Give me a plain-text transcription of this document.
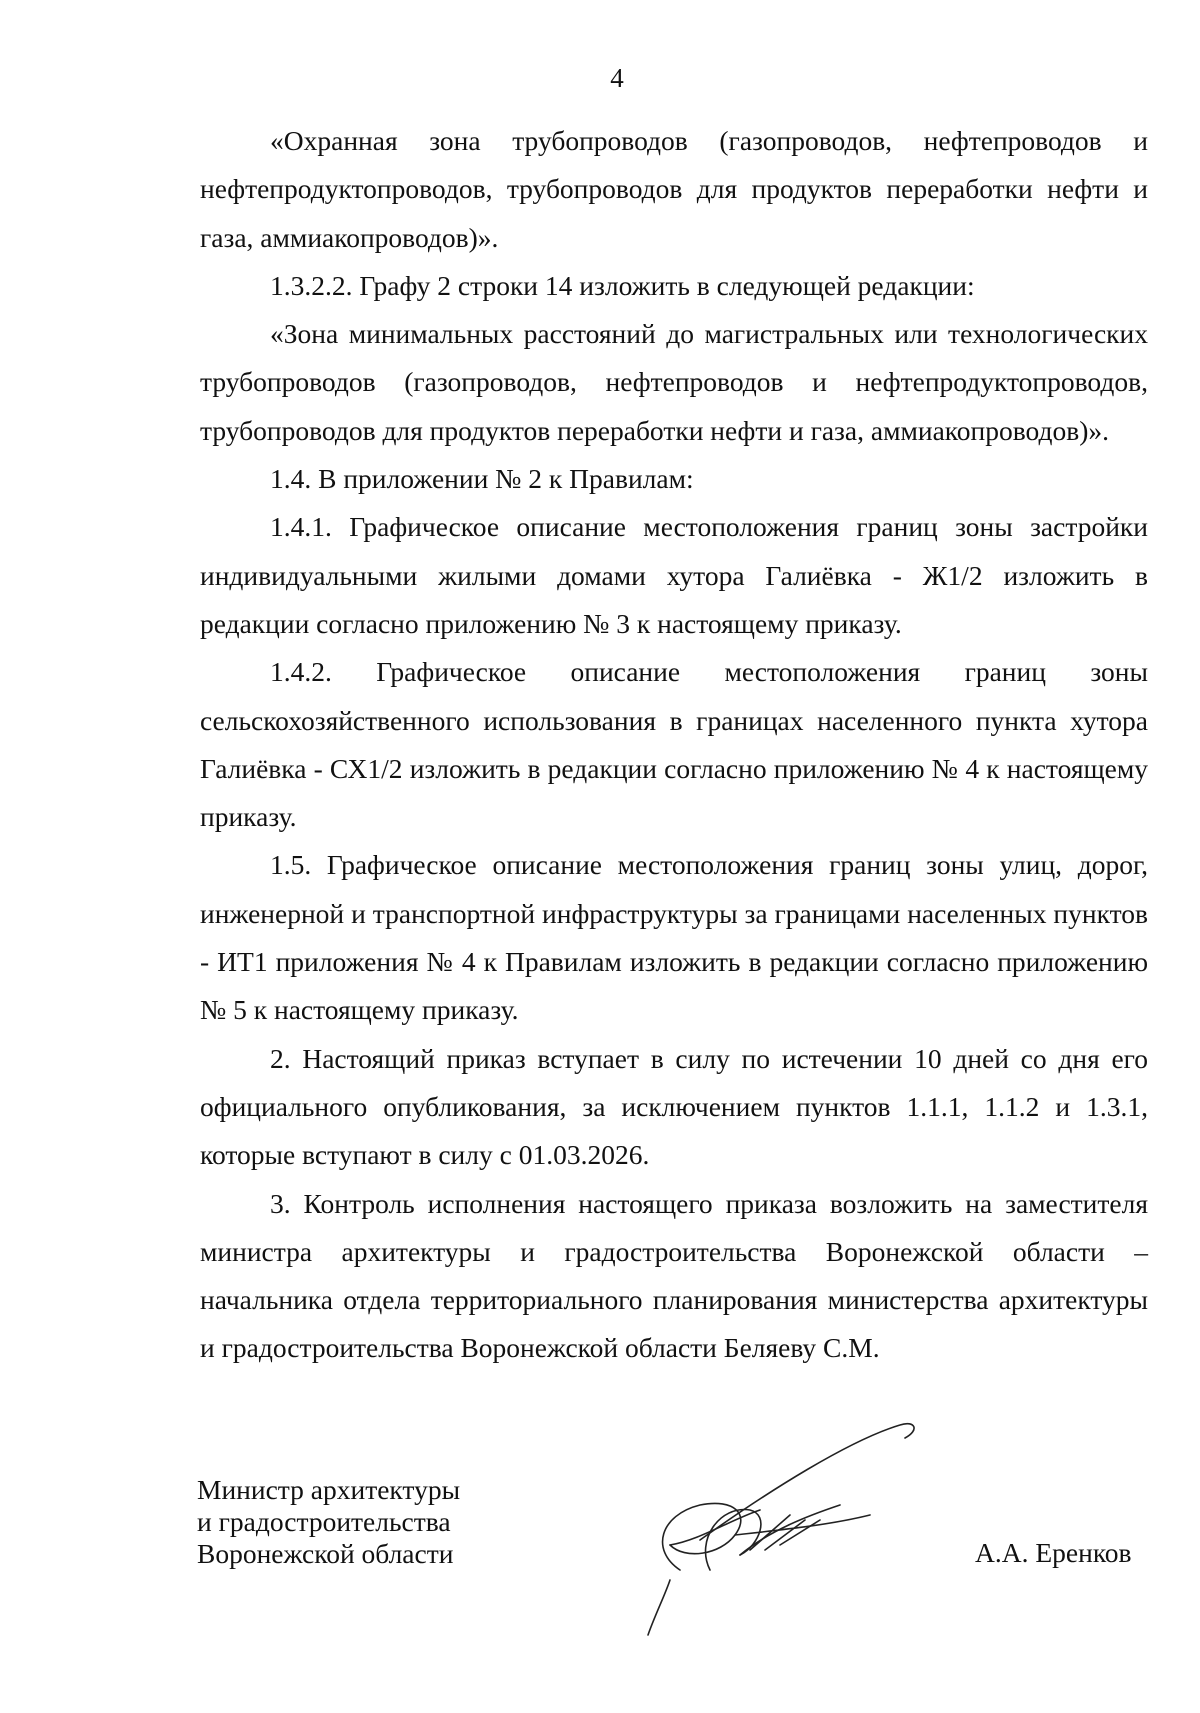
4

«Охранная зона трубопроводов (газопроводов, нефтепроводов и нефтепродуктопроводов, трубопроводов для продуктов переработки нефти и газа, аммиакопроводов)».

1.3.2.2. Графу 2 строки 14 изложить в следующей редакции:

«Зона минимальных расстояний до магистральных или технологических трубопроводов (газопроводов, нефтепроводов и нефтепродуктопроводов, трубопроводов для продуктов переработки нефти и газа, аммиакопроводов)».

1.4. В приложении № 2 к Правилам:

1.4.1. Графическое описание местоположения границ зоны застройки индивидуальными жилыми домами хутора Галиёвка - Ж1/2 изложить в редакции согласно приложению № 3 к настоящему приказу.

1.4.2. Графическое описание местоположения границ зоны сельскохозяйственного использования в границах населенного пункта хутора Галиёвка - СХ1/2 изложить в редакции согласно приложению № 4 к настоящему приказу.

1.5. Графическое описание местоположения границ зоны улиц, дорог, инженерной и транспортной инфраструктуры за границами населенных пунктов - ИТ1 приложения № 4 к Правилам изложить в редакции согласно приложению № 5 к настоящему приказу.

2. Настоящий приказ вступает в силу по истечении 10 дней со дня его официального опубликования, за исключением пунктов 1.1.1, 1.1.2 и 1.3.1, которые вступают в силу с 01.03.2026.

3. Контроль исполнения настоящего приказа возложить на заместителя министра архитектуры и градостроительства Воронежской области – начальника отдела территориального планирования министерства архитектуры и градостроительства Воронежской области Беляеву С.М.

Министр архитектуры
и градостроительства
Воронежской области	А.А. Еренков
